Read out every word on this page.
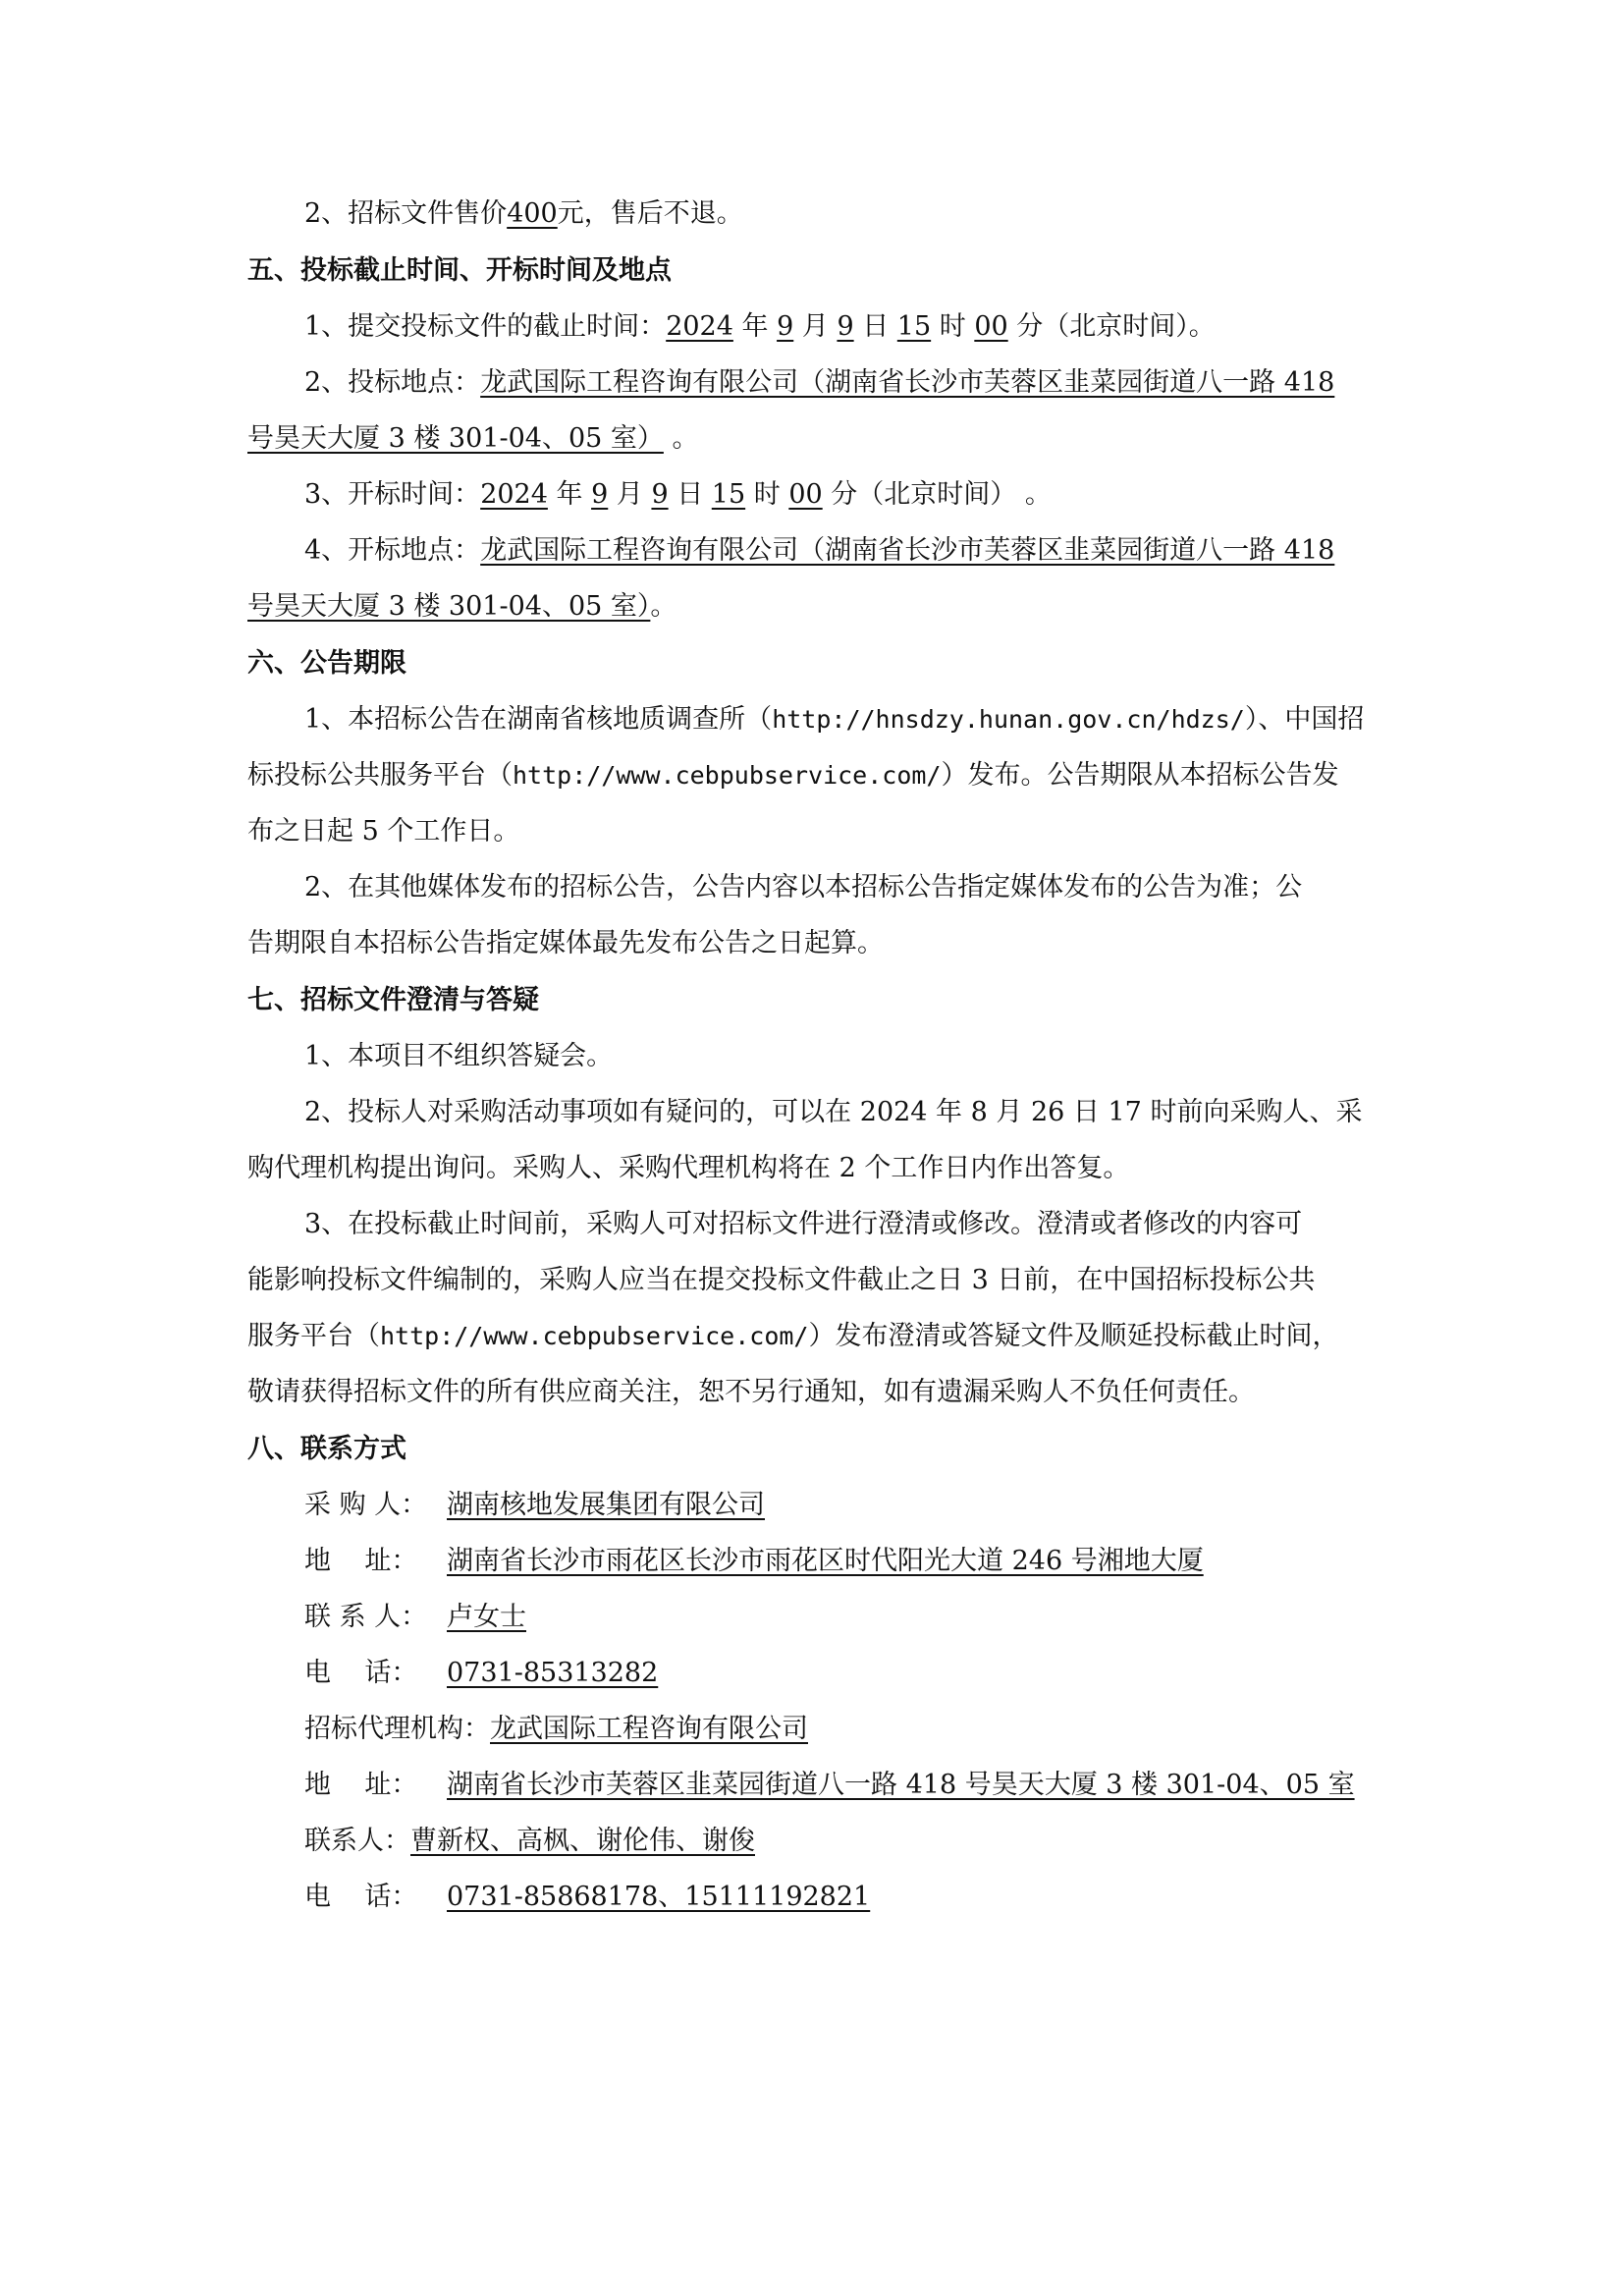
2、招标文件售价400元，售后不退。
五、投标截止时间、开标时间及地点
1、提交投标文件的截止时间：2024 年 9 月 9 日 15 时 00 分（北京时间）。
2、投标地点：龙武国际工程咨询有限公司（湖南省长沙市芙蓉区韭菜园街道八一路 418
号昊天大厦 3 楼 301-04、05 室） 。
3、开标时间：2024 年 9 月 9 日 15 时 00 分（北京时间） 。
4、开标地点：龙武国际工程咨询有限公司（湖南省长沙市芙蓉区韭菜园街道八一路 418
号昊天大厦 3 楼 301-04、05 室）。
六、公告期限
1、本招标公告在湖南省核地质调查所（http://hnsdzy.hunan.gov.cn/hdzs/）、中国招
标投标公共服务平台（http://www.cebpubservice.com/）发布。公告期限从本招标公告发
布之日起 5 个工作日。
2、在其他媒体发布的招标公告，公告内容以本招标公告指定媒体发布的公告为准；公
告期限自本招标公告指定媒体最先发布公告之日起算。
七、招标文件澄清与答疑
1、本项目不组织答疑会。
2、投标人对采购活动事项如有疑问的，可以在 2024 年 8 月 26 日 17 时前向采购人、采
购代理机构提出询问。采购人、采购代理机构将在 2 个工作日内作出答复。
3、在投标截止时间前，采购人可对招标文件进行澄清或修改。澄清或者修改的内容可
能影响投标文件编制的，采购人应当在提交投标文件截止之日 3 日前，在中国招标投标公共
服务平台（http://www.cebpubservice.com/）发布澄清或答疑文件及顺延投标截止时间，
敬请获得招标文件的所有供应商关注，恕不另行通知，如有遗漏采购人不负任何责任。
八、联系方式
采 购 人： 湖南核地发展集团有限公司
地    址： 湖南省长沙市雨花区长沙市雨花区时代阳光大道 246 号湘地大厦
联 系 人： 卢女士
电    话： 0731-85313282
招标代理机构：龙武国际工程咨询有限公司
地    址： 湖南省长沙市芙蓉区韭菜园街道八一路 418 号昊天大厦 3 楼 301-04、05 室
联系人：曹新权、高枫、谢伦伟、谢俊
电    话： 0731-85868178、15111192821
